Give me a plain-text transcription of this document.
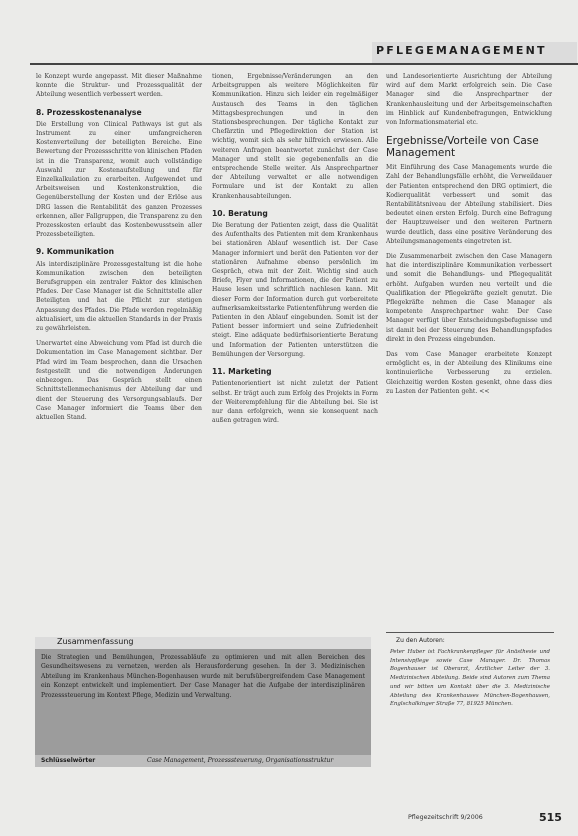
PFLEGEMANAGEMENT

le Konzept wurde angepasst. Mit dieser Maßnahme konnte die Struktur- und Prozessqualität der Abteilung wesentlich verbessert werden.

8. Prozesskostenanalyse

Die Erstellung von Clinical Pathways ist gut als Instrument zu einer umfangreicheren Kostenverteilung der beteiligten Bereiche. Eine Bewertung der Prozessschritte von klinischen Pfaden ist in die Transparenz, womit auch vollständige Auswahl zur Kostenaufstellung und für Einzelkalkulation zu erarbeiten. Aufgewendet und Arbeitsweisen und Kostenkonstruktion, die Gegenüberstellung der Kosten und der Erlöse aus DRG lassen die Rentabilität des ganzen Prozesses erkennen, aller Fallgruppen, die Transparenz zu den Prozesskosten erlaubt das Kostenbewusstsein aller Prozessbeteiligten.

9. Kommunikation

Als interdisziplinäre Prozessgestaltung ist die hohe Kommunikation zwischen den beteiligten Berufsgruppen ein zentraler Faktor des klinischen Pfades. Der Case Manager ist die Schnittstelle aller Beteiligten und hat die Pflicht zur stetigen Anpassung des Pfades. Die Pfade werden regelmäßig aktualisiert, um die aktuellen Standards in der Praxis zu gewährleisten.

Unerwartet eine Abweichung vom Pfad ist durch die Dokumentation im Case Management sichtbar. Der Pfad wird im Team besprochen, dann die Ursachen festgestellt und die notwendigen Änderungen einbezogen. Das Gespräch stellt einen Schnittstellenmechanismus der Abteilung dar und dient der Steuerung des Versorgungsablaufs. Der Case Manager informiert die Teams über den aktuellen Stand.

tionen, Ergebnisse/Veränderungen an den Arbeitsgruppen als weitere Möglichkeiten für Kommunikation. Hinzu sich leider ein regelmäßiger Austausch des Teams in den täglichen Mittagsbesprechungen und in den Stationsbesprechungen. Der tägliche Kontakt zur Chefärztin und Pflegedirektion der Station ist wichtig, womit sich als sehr hilfreich erwiesen. Alle weiteren Anfragen beantwortet zunächst der Case Manager und stellt sie gegebenenfalls an die entsprechende Stelle weiter. Als Ansprechpartner der Abteilung verwaltet er alle notwendigen Formulare und ist der Kontakt zu allen Krankenhausabteilungen.

10. Beratung

Die Beratung der Patienten zeigt, dass die Qualität des Aufenthalts des Patienten mit dem Krankenhaus bei stationären Ablauf wesentlich ist. Der Case Manager informiert und berät den Patienten vor der stationären Aufnahme ebenso persönlich im Gespräch, etwa mit der Zeit. Wichtig sind auch Briefe, Flyer und Informationen, die der Patient zu Hause lesen und schriftlich nachlesen kann. Mit dieser Form der Information durch gut vorbereitete aufmerksamkeitsstarke Patientenführung werden die Patienten in den Ablauf eingebunden. Somit ist der Patient besser informiert und seine Zufriedenheit steigt. Eine adäquate bedürfnisorientierte Beratung und Information der Patienten unterstützen die Bemühungen der Versorgung.

11. Marketing

Patientenorientiert ist nicht zuletzt der Patient selbst. Er trägt auch zum Erfolg des Projekts in Form der Weiterempfehlung für die Abteilung bei. Sie ist nur dann erfolgreich, wenn sie konsequent nach außen getragen wird.

und Landesorientierte Ausrichtung der Abteilung wird auf dem Markt erfolgreich sein. Die Case Manager sind die Ansprechpartner der Krankenhausleitung und der Arbeitsgemeinschaften im Hinblick auf Kundenbefragungen, Entwicklung von Informationsmaterial etc.

Ergebnisse/Vorteile von Case Management

Mit Einführung des Case Managements wurde die Zahl der Behandlungsfälle erhöht, die Verweildauer der Patienten entsprechend den DRG optimiert, die Kodierqualität verbessert und somit das Rentabilitätsniveau der Abteilung stabilisiert. Dies bedeutet einen ersten Erfolg. Durch eine Befragung der Hauptzuweiser und den weiteren Partnern wurde deutlich, dass eine positive Veränderung des Abteilungsmanagements eingetreten ist.

Die Zusammenarbeit zwischen den Case Managern hat die interdisziplinäre Kommunikation verbessert und somit die Behandlungs- und Pflegequalität erhöht. Aufgaben wurden neu verteilt und die Qualifikation der Pflegekräfte gezielt genutzt. Die Pflegekräfte nehmen die Case Manager als kompetente Ansprechpartner wahr. Der Case Manager verfügt über Entscheidungsbefugnisse und ist damit bei der Steuerung des Behandlungspfades direkt in den Prozess eingebunden.

Das vom Case Manager erarbeitete Konzept ermöglicht es, in der Abteilung des Klinikums eine kontinuierliche Verbesserung zu erzielen. Gleichzeitig werden Kosten gesenkt, ohne dass dies zu Lasten der Patienten geht. <<

Zusammenfassung
Die Strategien und Bemühungen, Prozessabläufe zu optimieren und mit allen Bereichen des Gesundheitswesens zu vernetzen, werden als Herausforderung gesehen. In der 3. Medizinischen Abteilung im Krankenhaus München-Bogenhausen wurde mit berufsübergreifendem Case Management ein Konzept entwickelt und implementiert. Der Case Manager hat die Aufgabe der interdisziplinären Prozesssteuerung im Kontext Pflege, Medizin und Verwaltung.
Schlüsselwörter	Case Management, Prozesssteuerung, Organisationsstruktur
Zu den Autoren:
Peter Huber ist Fachkrankenpfleger für Anästhesie und Intensivpflege sowie Case Manager. Dr. Thomas Bogenhauser ist Oberarzt, Ärztlicher Leiter der 3. Medizinischen Abteilung. Beide sind Autoren zum Thema und wir bitten um Kontakt über die 3. Medizinische Abteilung des Krankenhauses München-Bogenhausen, Englschalkinger Straße 77, 81925 München.
Pflegezeitschrift 9/2006	515
